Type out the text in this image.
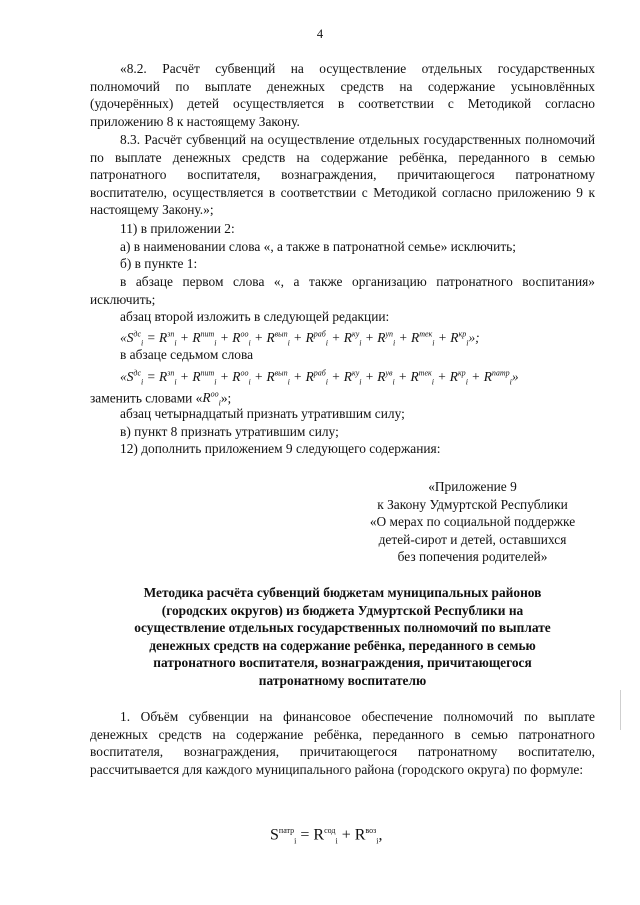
4

«8.2. Расчёт субвенций на осуществление отдельных государственных полномочий по выплате денежных средств на содержание усыновлённых (удочерённых) детей осуществляется в соответствии с Методикой согласно приложению 8 к настоящему Закону.

8.3. Расчёт субвенций на осуществление отдельных государственных полномочий по выплате денежных средств на содержание ребёнка, переданного в семью патронатного воспитателя, вознаграждения, причитающегося патронатному воспитателю, осуществляется в соответствии с Методикой согласно приложению 9 к настоящему Закону.»;

11) в приложении 2:

а) в наименовании слова «, а также в патронатной семье» исключить;

б) в пункте 1:

в абзаце первом слова «, а также организацию патронатного воспитания» исключить;

абзац второй изложить в следующей редакции:

«$S^{дс}_i = R^{зп}_i + R^{пит}_i + R^{оо}_i + R^{вып}_i + R^{раб}_i + R^{ку}_i + R^{уп}_i + R^{тек}_i + R^{кр}_i$»;

в абзаце седьмом слова

«$S^{дс}_i = R^{зп}_i + R^{пит}_i + R^{оо}_i + R^{вып}_i + R^{раб}_i + R^{ку}_i + R^{ув}_i + R^{тек}_i + R^{кр}_i + R^{патр}_i$»

заменить словами «$R^{оо}_i$»;

абзац четырнадцатый признать утратившим силу;

в) пункт 8 признать утратившим силу;

12) дополнить приложением 9 следующего содержания:

«Приложение 9

к Закону Удмуртской Республики

«О мерах по социальной поддержке

детей-сирот и детей, оставшихся

без попечения родителей»

Методика расчёта субвенций бюджетам муниципальных районов

(городских округов) из бюджета Удмуртской Республики на

осуществление отдельных государственных полномочий по выплате

денежных средств на содержание ребёнка, переданного в семью

патронатного воспитателя, вознаграждения, причитающегося

патронатному воспитателю

1. Объём субвенции на финансовое обеспечение полномочий по выплате денежных средств на содержание ребёнка, переданного в семью патронатного воспитателя, вознаграждения, причитающегося патронатному воспитателю, рассчитывается для каждого муниципального района (городского округа) по формуле:

$S^{патр}_i = R^{сод}_i + R^{воз}_i$,
